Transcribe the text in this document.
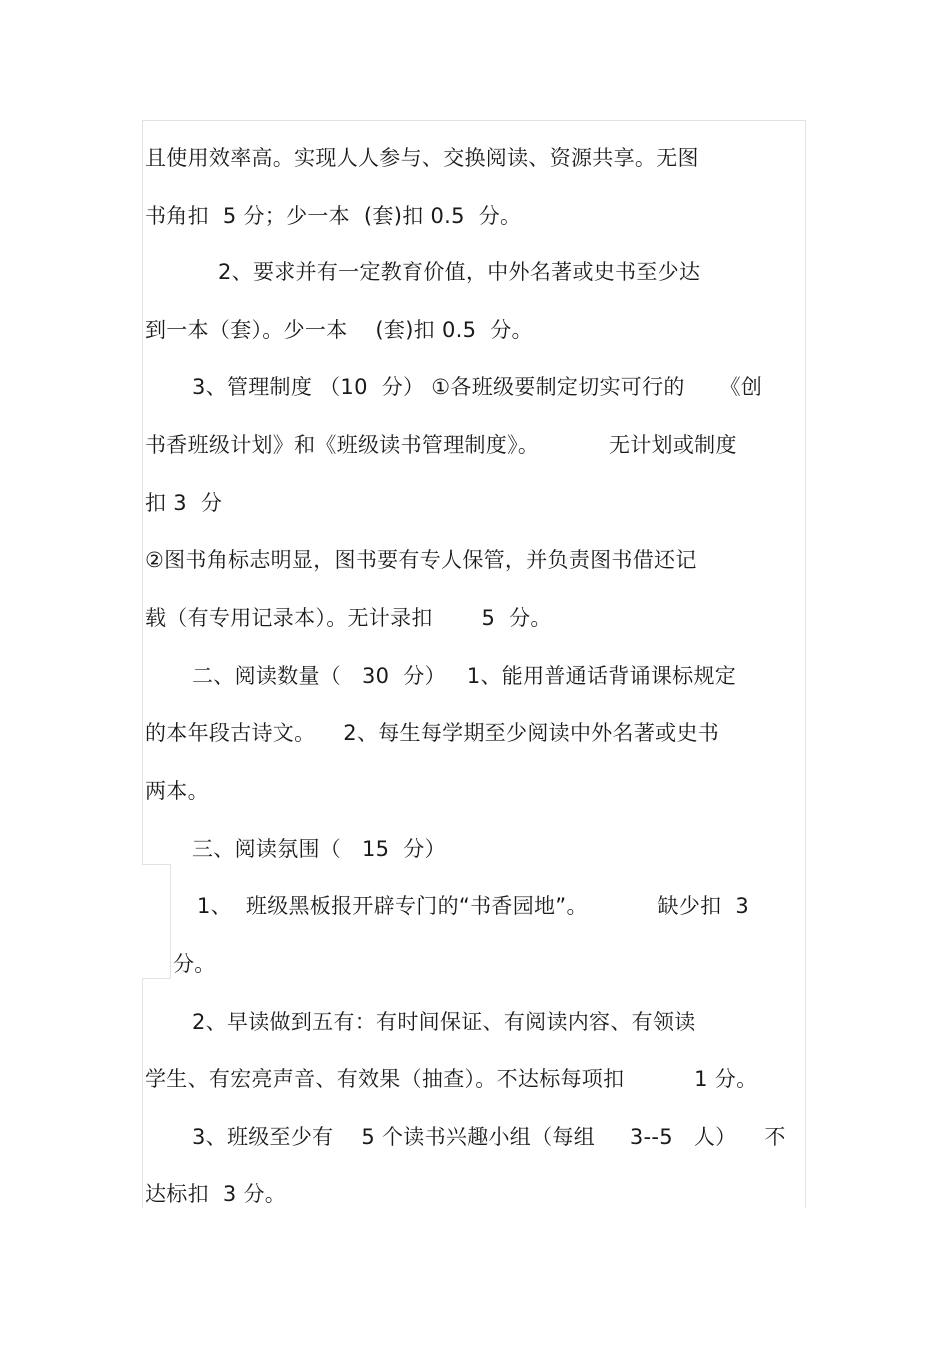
且使用效率高。实现人人参与、交换阅读、资源共享。无图
书角扣  5 分；少一本  (套)扣 0.5  分。
2、要求并有一定教育价值，中外名著或史书至少达
到一本（套）。少一本    (套)扣 0.5  分。
3、管理制度 （10  分） ①各班级要制定切实可行的     《创
书香班级计划》和《班级读书管理制度》。          无计划或制度
扣 3  分
②图书角标志明显，图书要有专人保管，并负责图书借还记
载（有专用记录本）。无计录扣       5  分。
二、阅读数量（   30  分）   1、能用普通话背诵课标规定
的本年段古诗文。    2、每生每学期至少阅读中外名著或史书
两本。
三、阅读氛围（   15  分）
1、  班级黑板报开辟专门的“书香园地”。          缺少扣  3
分。
2、早读做到五有：有时间保证、有阅读内容、有领读
学生、有宏亮声音、有效果（抽查）。不达标每项扣          1 分。
3、班级至少有    5 个读书兴趣小组（每组     3--5   人）    不
达标扣  3 分。
